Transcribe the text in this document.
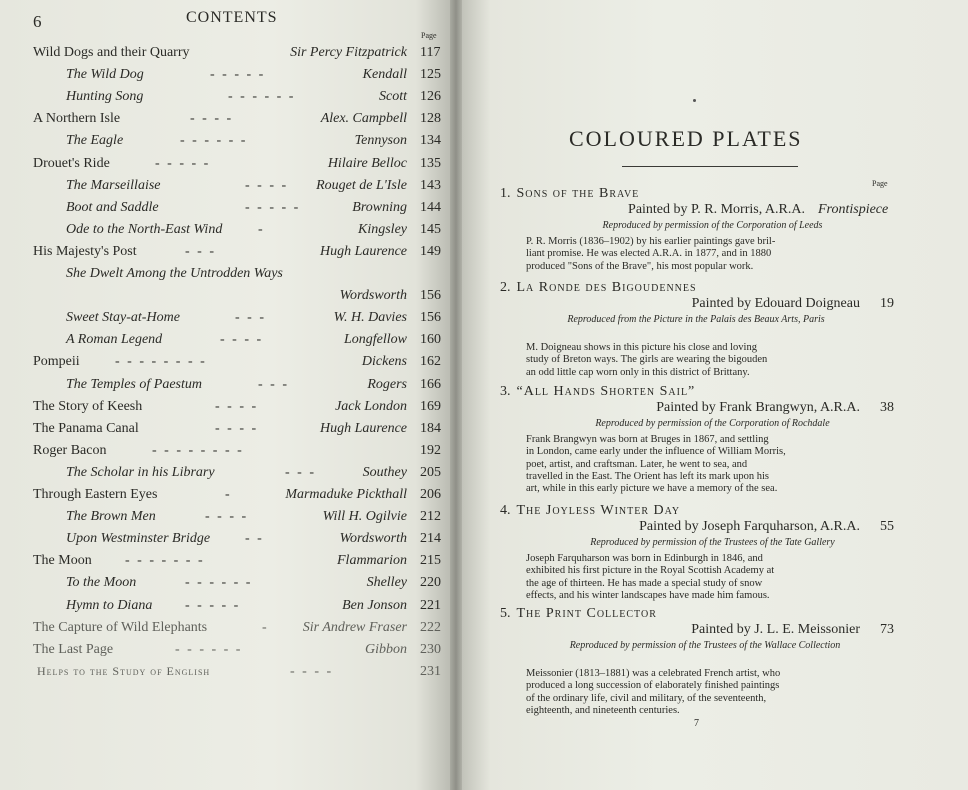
6	CONTENTS
Page
Wild Dogs and their Quarry	Sir Percy Fitzpatrick 117
The Wild Dog	- - - - -	Kendall 125
Hunting Song	- - - - - -	Scott 126
A Northern Isle	- - - -	Alex. Campbell 128
The Eagle	- - - - - -	Tennyson 134
Drouet's Ride	- - - - -	Hilaire Belloc 135
The Marseillaise	- - - - Rouget de L'Isle 143
Boot and Saddle	- - - - -	Browning 144
Ode to the North-East Wind	-	Kingsley 145
His Majesty's Post	- - -	Hugh Laurence 149
She Dwelt Among the Untrodden Ways
Wordsworth 156
Sweet Stay-at-Home	- - -	W. H. Davies 156
A Roman Legend	- - - -	Longfellow 160
Pompeii	- - - - - - - -	Dickens 162
The Temples of Paestum	- - -	Rogers 166
The Story of Keesh	- - - -	Jack London 169
The Panama Canal	- - - -	Hugh Laurence 184
Roger Bacon	- - - - - - - -	192
The Scholar in his Library	- - -	Southey 205
Through Eastern Eyes	-	Marmaduke Pickthall 206
The Brown Men	- - - -	Will H. Ogilvie 212
Upon Westminster Bridge - -	Wordsworth 214
The Moon - - - - - - -	Flammarion 215
To the Moon	- - - - - -	Shelley 220
Hymn to Diana - - - - -	Ben Jonson 221
The Capture of Wild Elephants	- Sir Andrew Fraser 222
The Last Page	- - - - - -	Gibbon 230
Helps to the Study of English	- - - -	231
COLOURED PLATES
Page
1. Sons of the Brave
Painted by P. R. Morris, A.R.A. Frontispiece
Reproduced by permission of the Corporation of Leeds
P. R. Morris (1836–1902) by his earlier paintings gave bril-
liant promise. He was elected A.R.A. in 1877, and in 1880
produced "Sons of the Brave", his most popular work.
2. La Ronde des Bigoudennes
Painted by Edouard Doigneau 19
Reproduced from the Picture in the Palais des Beaux Arts, Paris
M. Doigneau shows in this picture his close and loving
study of Breton ways. The girls are wearing the bigouden
an odd little cap worn only in this district of Brittany.
3. “All Hands Shorten Sail”
Painted by Frank Brangwyn, A.R.A. 38
Reproduced by permission of the Corporation of Rochdale
Frank Brangwyn was born at Bruges in 1867, and settling
in London, came early under the influence of William Morris,
poet, artist, and craftsman. Later, he went to sea, and
travelled in the East. The Orient has left its mark upon his
art, while in this early picture we have a memory of the sea.
4. The Joyless Winter Day
Painted by Joseph Farquharson, A.R.A. 55
Reproduced by permission of the Trustees of the Tate Gallery
Joseph Farquharson was born in Edinburgh in 1846, and
exhibited his first picture in the Royal Scottish Academy at
the age of thirteen. He has made a special study of snow
effects, and his winter landscapes have made him famous.
5. The Print Collector
Painted by J. L. E. Meissonier 73
Reproduced by permission of the Trustees of the Wallace Collection
Meissonier (1813–1881) was a celebrated French artist, who
produced a long succession of elaborately finished paintings
of the ordinary life, civil and military, of the seventeenth,
eighteenth, and nineteenth centuries.
7
